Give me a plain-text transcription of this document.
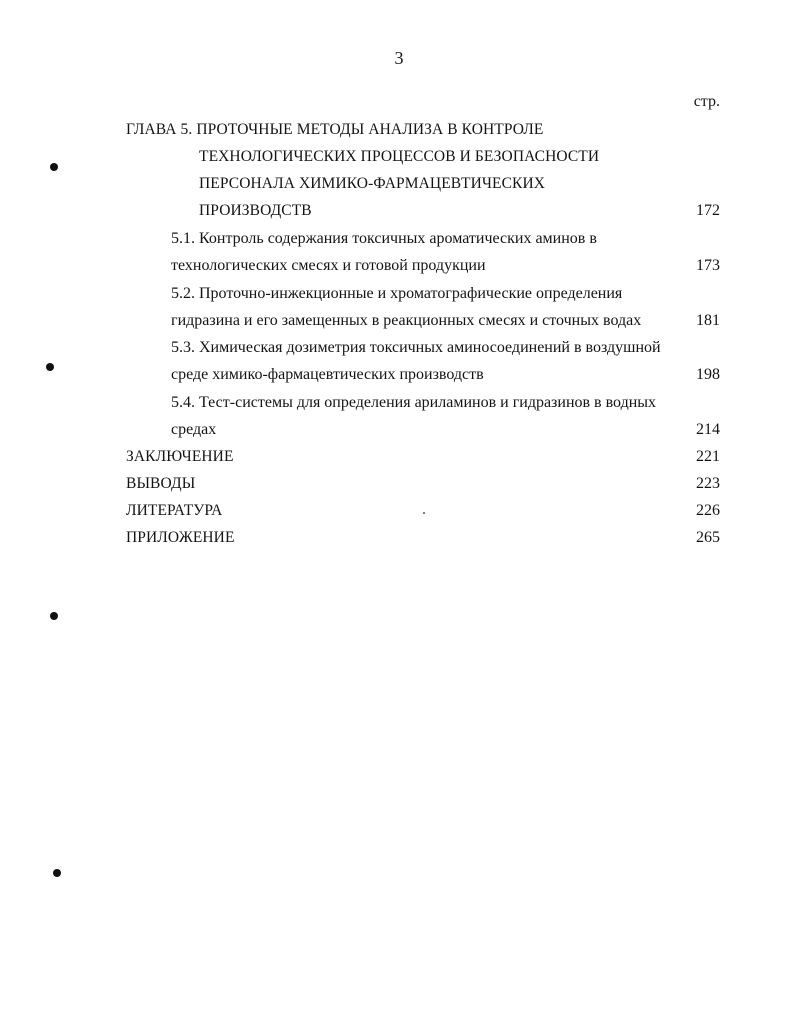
3
стр.
ГЛАВА 5. ПРОТОЧНЫЕ МЕТОДЫ АНАЛИЗА В КОНТРОЛЕ
ТЕХНОЛОГИЧЕСКИХ ПРОЦЕССОВ И БЕЗОПАСНОСТИ
ПЕРСОНАЛА ХИМИКО-ФАРМАЦЕВТИЧЕСКИХ
ПРОИЗВОДСТВ	172
5.1. Контроль содержания токсичных ароматических аминов в
технологических смесях и готовой продукции	173
5.2. Проточно-инжекционные и хроматографические определения
гидразина и его замещенных в реакционных смесях и сточных водах	181
5.3. Химическая дозиметрия токсичных аминосоединений в воздушной
среде химико-фармацевтических производств	198
5.4. Тест-системы для определения ариламинов и гидразинов в водных
средах	214
ЗАКЛЮЧЕНИЕ	221
ВЫВОДЫ	223
ЛИТЕРАТУРА	226
ПРИЛОЖЕНИЕ	265
